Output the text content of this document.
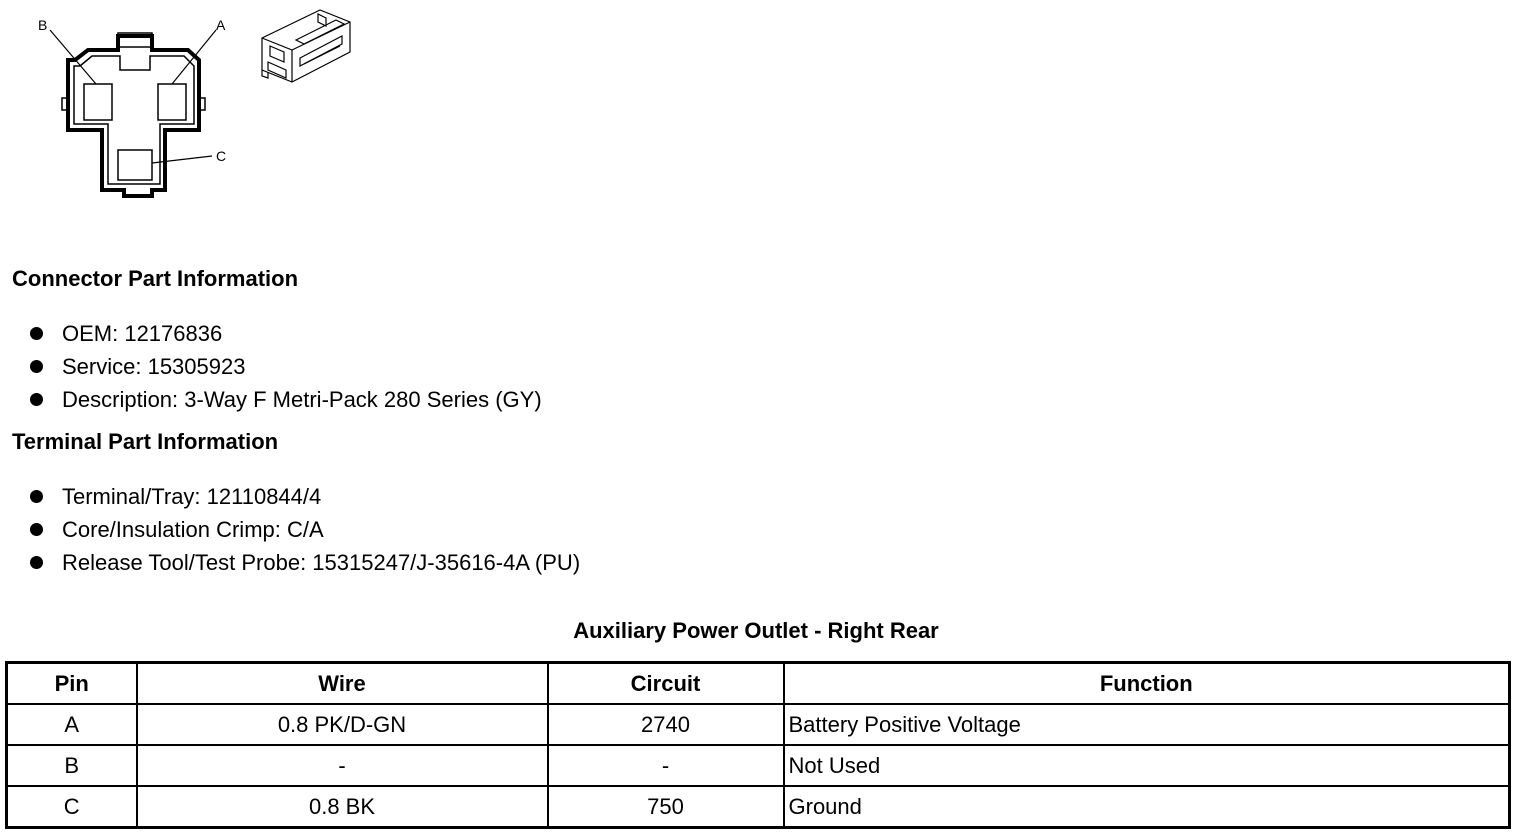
B	A
C
Connector Part Information
OEM: 12176836
Service: 15305923
Description: 3-Way F Metri-Pack 280 Series (GY)
Terminal Part Information
Terminal/Tray: 12110844/4
Core/Insulation Crimp: C/A
Release Tool/Test Probe: 15315247/J-35616-4A (PU)
Auxiliary Power Outlet - Right Rear
Pin	Wire	Circuit	Function
A	0.8 PK/D-GN	2740	Battery Positive Voltage
B	-	-	Not Used
C	0.8 BK	750	Ground
